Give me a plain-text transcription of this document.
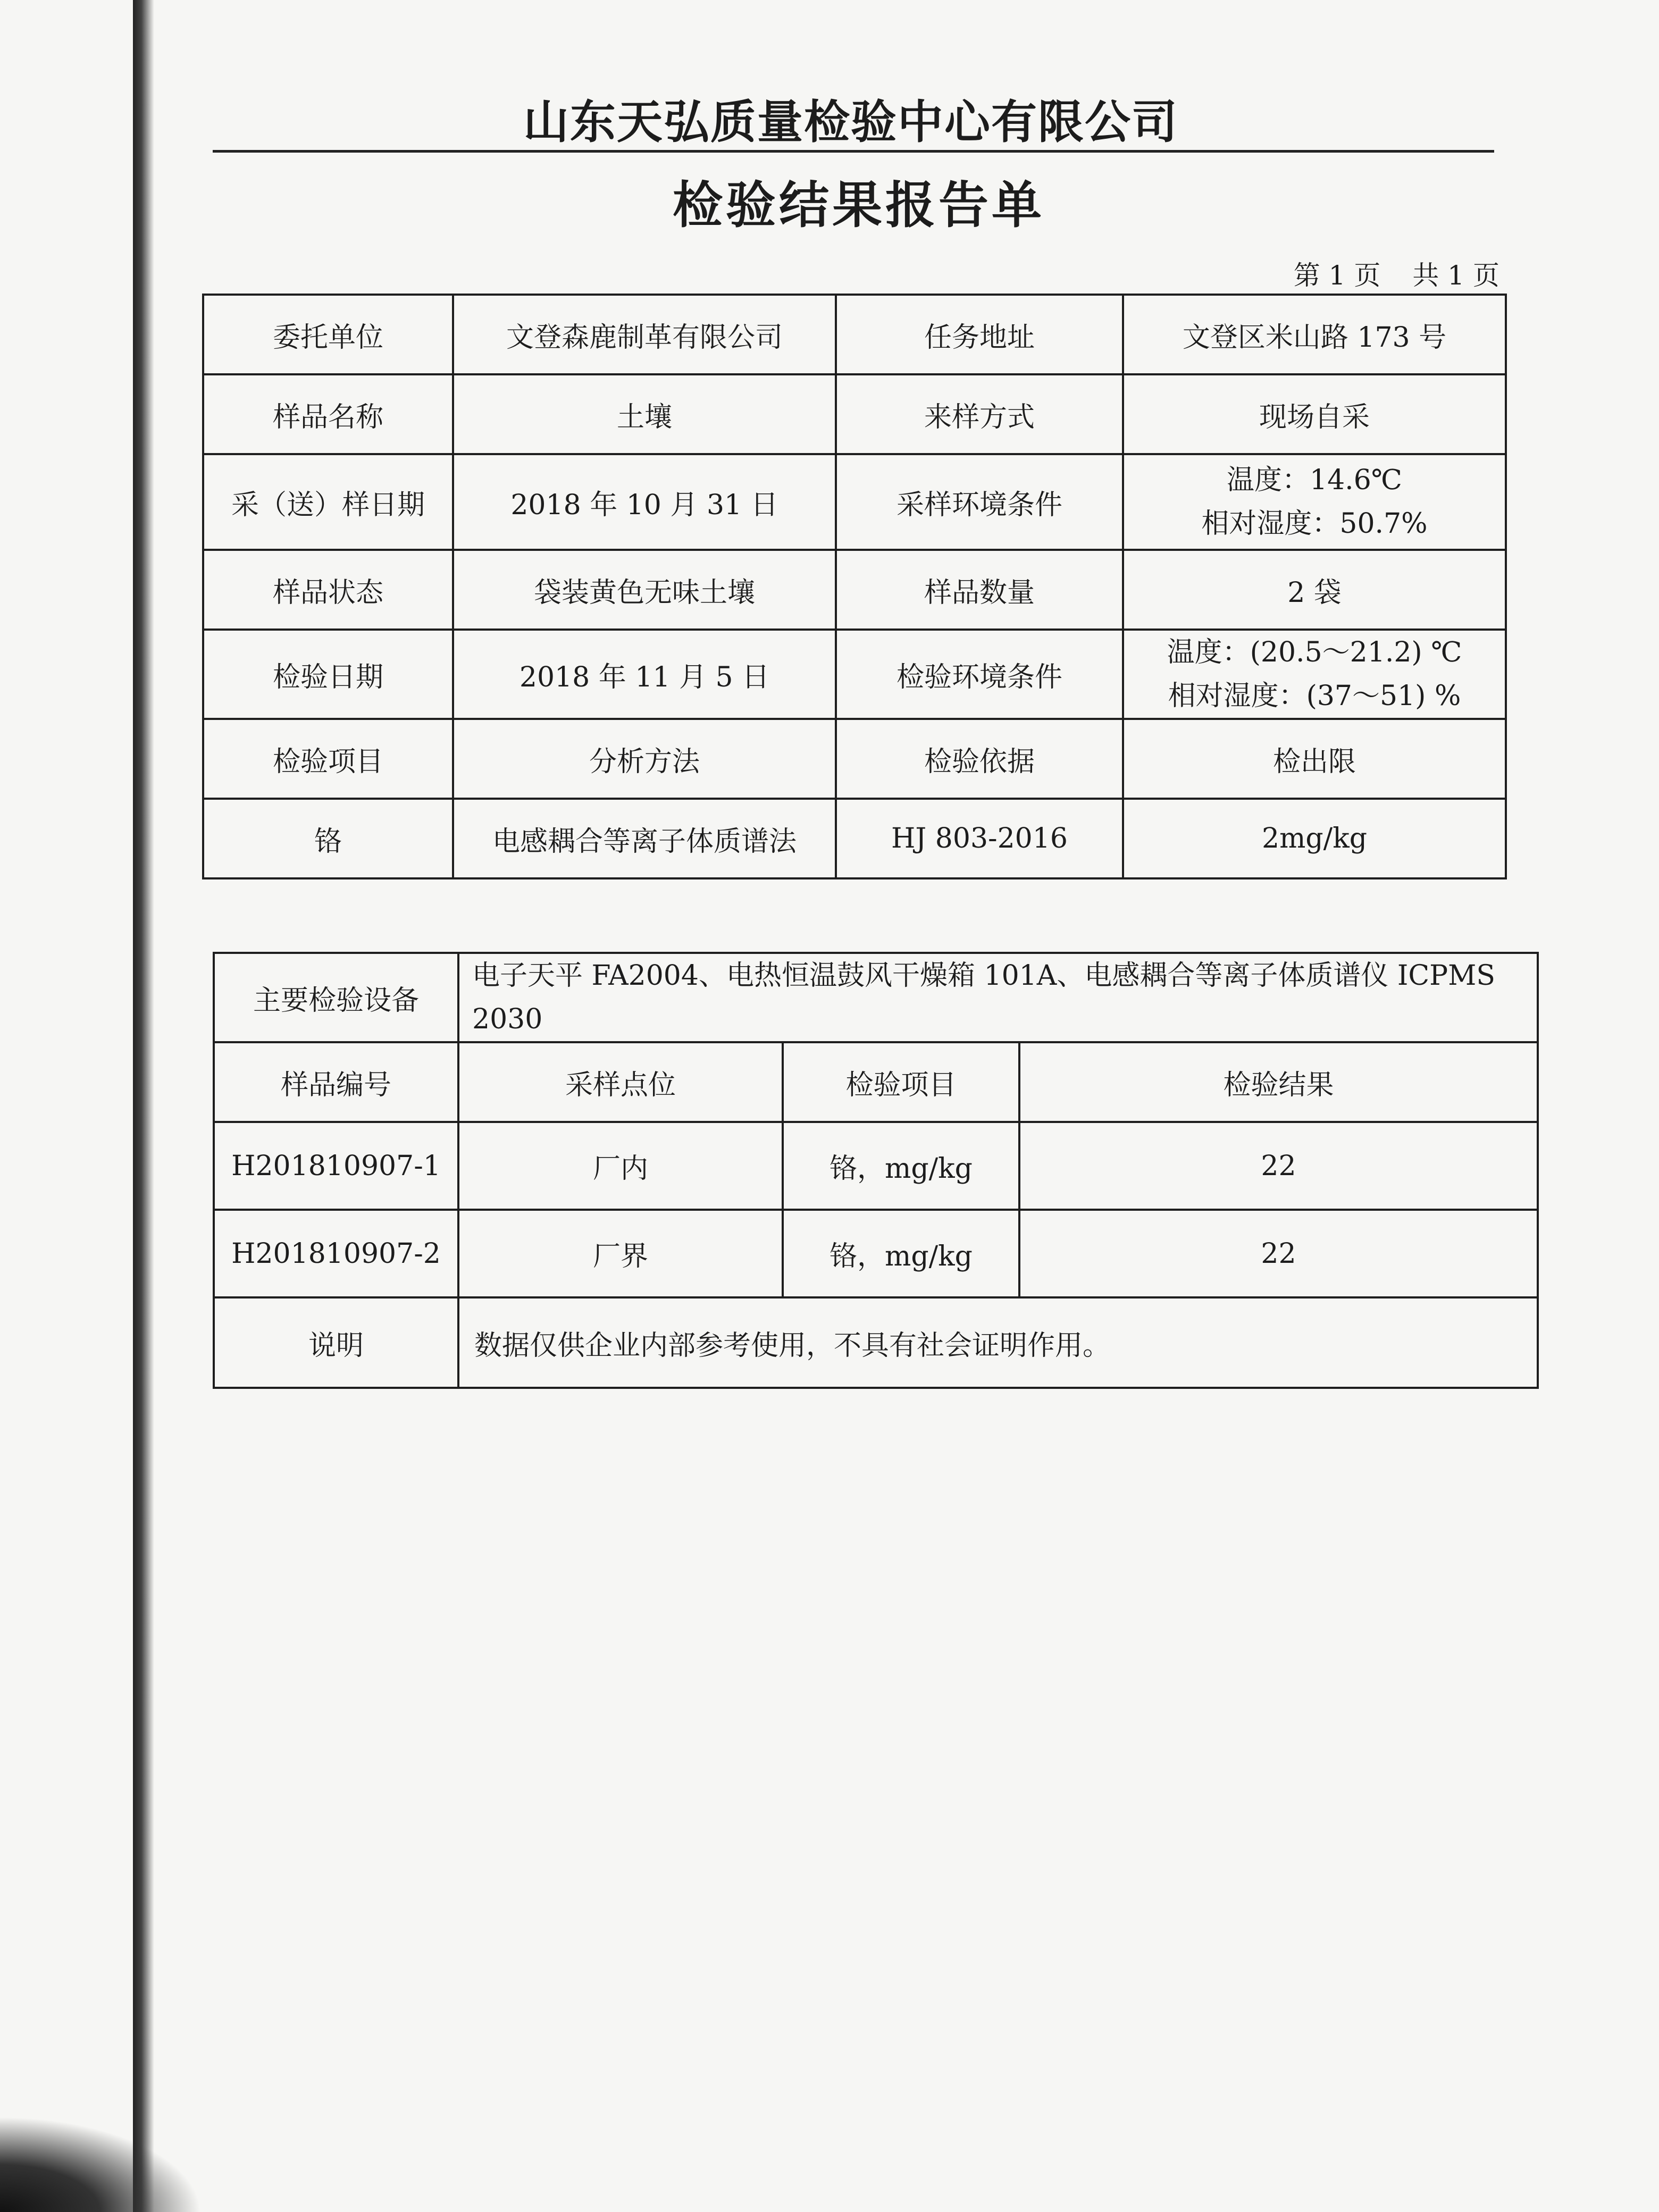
山东天弘质量检验中心有限公司
检验结果报告单
第 1 页 共 1 页
委托单位	文登森鹿制革有限公司	任务地址	文登区米山路 173 号
样品名称	土壤	来样方式	现场自采
采（送）样日期	2018 年 10 月 31 日	采样环境条件	温度：14.6℃
相对湿度：50.7%

样品状态	袋装黄色无味土壤	样品数量	2 袋
检验日期	2018 年 11 月 5 日	检验环境条件	温度：(20.5～21.2) ℃
相对湿度：(37～51) %

检验项目	分析方法	检验依据	检出限
铬	电感耦合等离子体质谱法	HJ 803-2016	2mg/kg
主要检验设备	电子天平 FA2004、电热恒温鼓风干燥箱 101A、电感耦合等离子体质谱仪 ICPMS 2030		
样品编号	采样点位	检验项目	检验结果
H201810907-1	厂内	铬，mg/kg	22
H201810907-2	厂界	铬，mg/kg	22
说明	数据仅供企业内部参考使用，不具有社会证明作用。		
